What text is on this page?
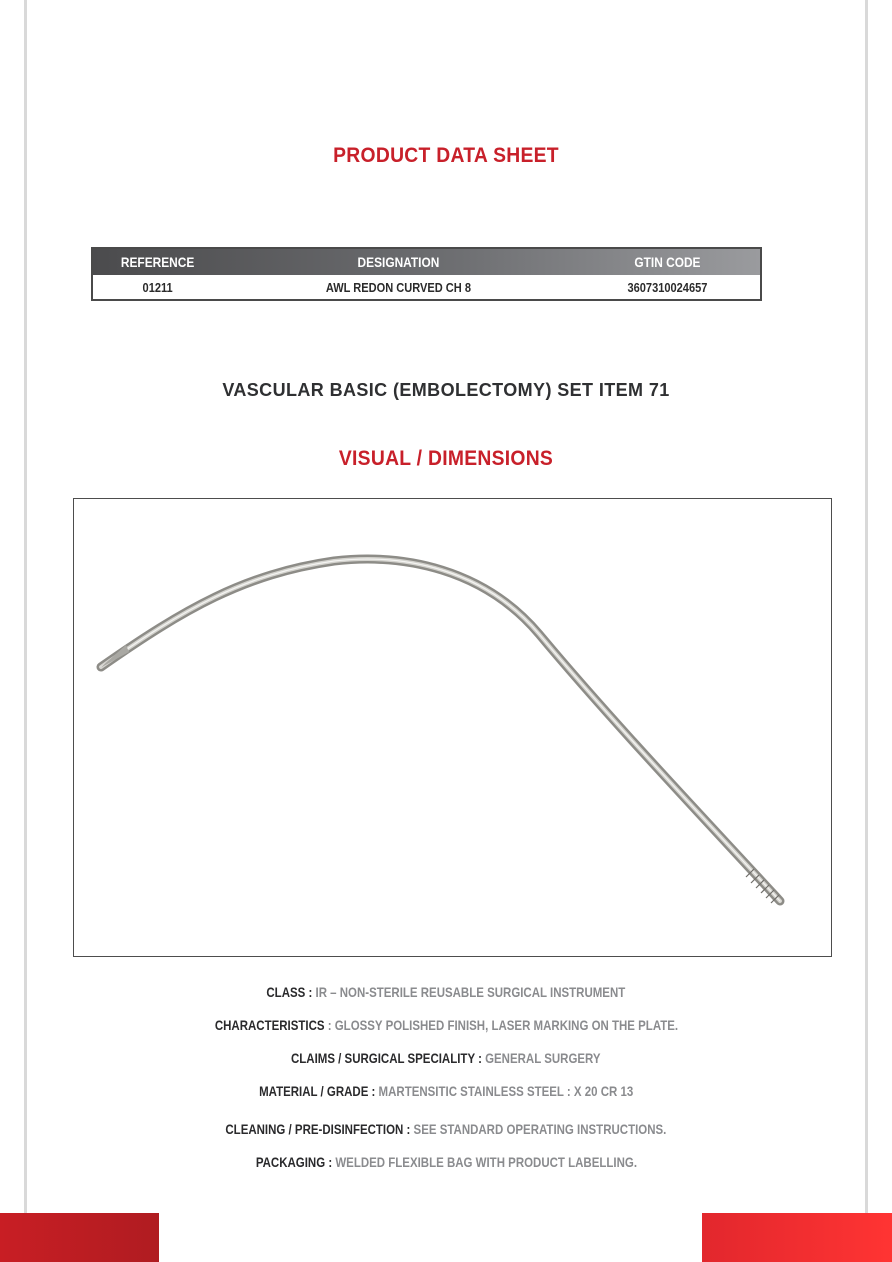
PRODUCT DATA SHEET
REFERENCE	DESIGNATION	GTIN CODE
01211	AWL REDON CURVED CH 8	3607310024657
VASCULAR BASIC (EMBOLECTOMY) SET ITEM 71
VISUAL / DIMENSIONS
CLASS : IR – NON-STERILE REUSABLE SURGICAL INSTRUMENT
CHARACTERISTICS : GLOSSY POLISHED FINISH, LASER MARKING ON THE PLATE.
CLAIMS / SURGICAL SPECIALITY : GENERAL SURGERY
MATERIAL / GRADE : MARTENSITIC STAINLESS STEEL : X 20 CR 13
CLEANING / PRE-DISINFECTION : SEE STANDARD OPERATING INSTRUCTIONS.
PACKAGING : WELDED FLEXIBLE BAG WITH PRODUCT LABELLING.
